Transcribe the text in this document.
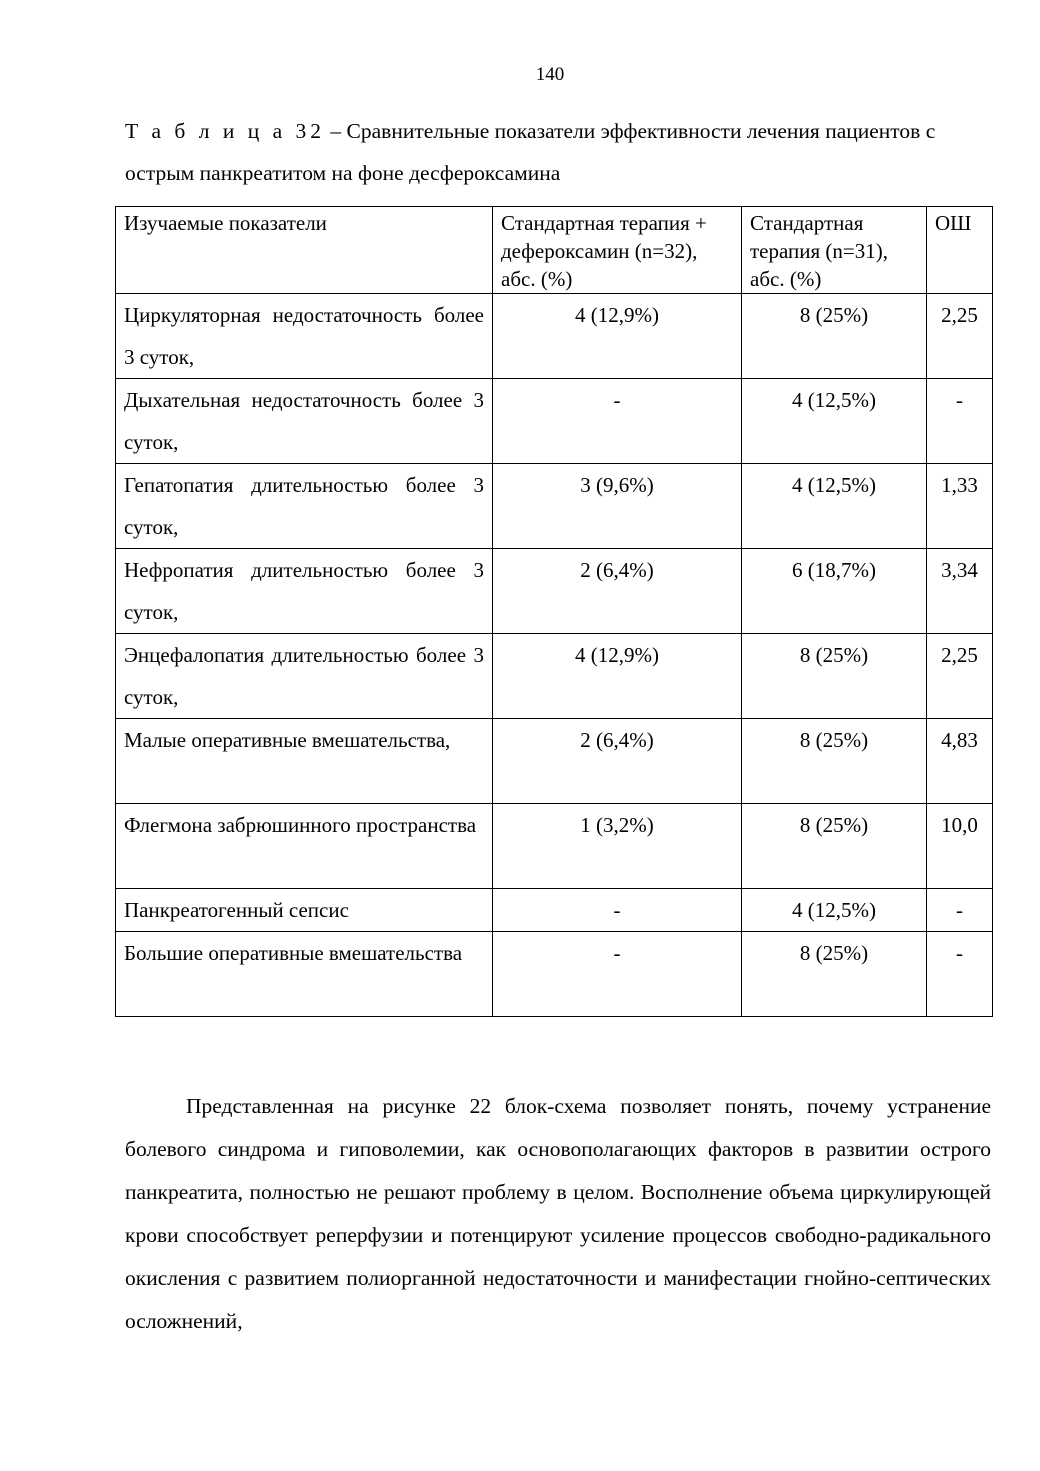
140
Т а б л и ц а 32 – Сравнительные показатели эффективности лечения пациентов с острым панкреатитом на фоне десфероксамина
Изучаемые показатели	Стандартная терапия + дефероксамин (n=32), абс. (%)	Стандартная терапия (n=31), абс. (%)	ОШ
Циркуляторная недостаточность более 3 суток,	4 (12,9%)	8 (25%)	2,25
Дыхательная недостаточность более 3 суток,	-	4 (12,5%)	-
Гепатопатия длительностью более 3 суток,	3 (9,6%)	4 (12,5%)	1,33
Нефропатия длительностью более 3 суток,	2 (6,4%)	6 (18,7%)	3,34
Энцефалопатия длительностью более 3 суток,	4 (12,9%)	8 (25%)	2,25
Малые оперативные вмешательства,	2 (6,4%)	8 (25%)	4,83
Флегмона забрюшинного пространства	1 (3,2%)	8 (25%)	10,0
Панкреатогенный сепсис	-	4 (12,5%)	-
Большие оперативные вмешательства	-	8 (25%)	-

Представленная на рисунке 22 блок-схема позволяет понять, почему устранение болевого синдрома и гиповолемии, как основополагающих факторов в развитии острого панкреатита, полностью не решают проблему в целом. Восполнение объема циркулирующей крови способствует реперфузии и потенцируют усиление процессов свободно-радикального окисления с развитием полиорганной недостаточности и манифестации гнойно-септических осложнений,
